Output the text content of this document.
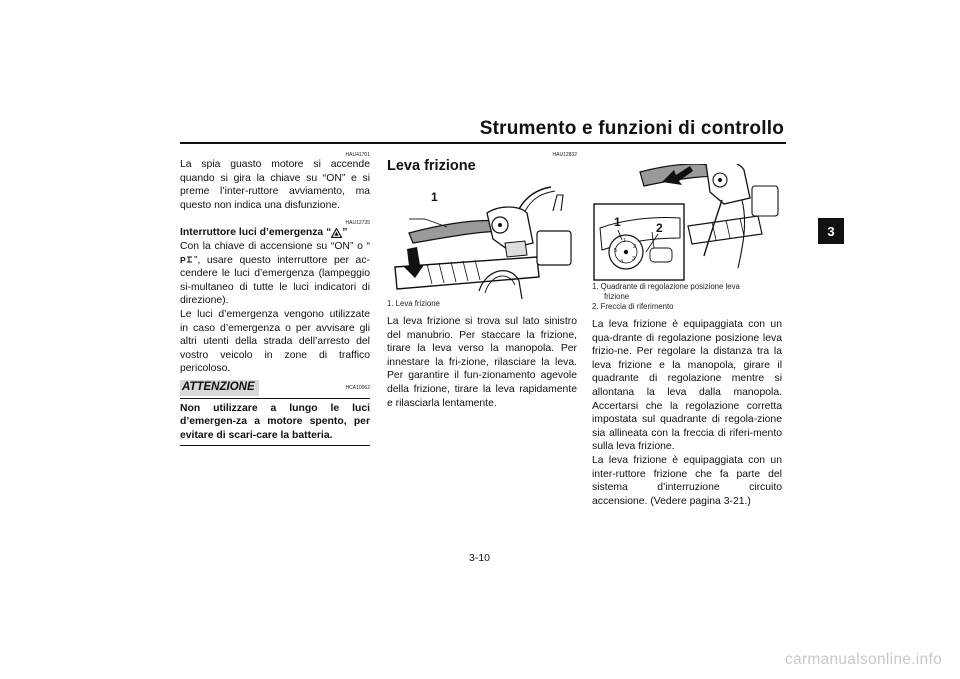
Strumento e funzioni di controllo
3
HAU41701
La spia guasto motore si accende quando si gira la chiave su “ON” e si preme l’inter-ruttore avviamento, ma questo non indica una disfunzione.
HAU12735
Interruttore luci d’emergenza “ ”
Con la chiave di accensione su “ON” o “
P ”, usare questo interruttore per ac-cendere le luci d’emergenza (lampeggio si-multaneo di tutte le luci indicatori di direzione).
Le luci d’emergenza vengono utilizzate in caso d’emergenza o per avvisare gli altri utenti della strada dell’arresto del vostro veicolo in zone di traffico pericoloso.
ATTENZIONE	HCA10062
Non utilizzare a lungo le luci d’emergen-za a motore spento, per evitare di scari-care la batteria.
HAU12832
Leva frizione
1
1. Leva frizione
La leva frizione si trova sul lato sinistro del manubrio. Per staccare la frizione, tirare la leva verso la manopola. Per innestare la fri-zione, rilasciare la leva. Per garantire il fun-zionamento agevole della frizione, tirare la leva rapidamente e rilasciarla lentamente.
1
2
3
4
5
1	2
1. Quadrante di regolazione posizione leva
frizione
2. Freccia di riferimento
La leva frizione è equipaggiata con un qua-drante di regolazione posizione leva frizio-ne. Per regolare la distanza tra la leva frizione e la manopola, girare il quadrante di regolazione mentre si allontana la leva dalla manopola. Accertarsi che la regolazione corretta impostata sul quadrante di regola-zione sia allineata con la freccia di riferi-mento sulla leva frizione.
La leva frizione è equipaggiata con un inter-ruttore frizione che fa parte del sistema d’interruzione circuito accensione. (Vedere pagina 3-21.)
3-10
carmanualsonline.info
